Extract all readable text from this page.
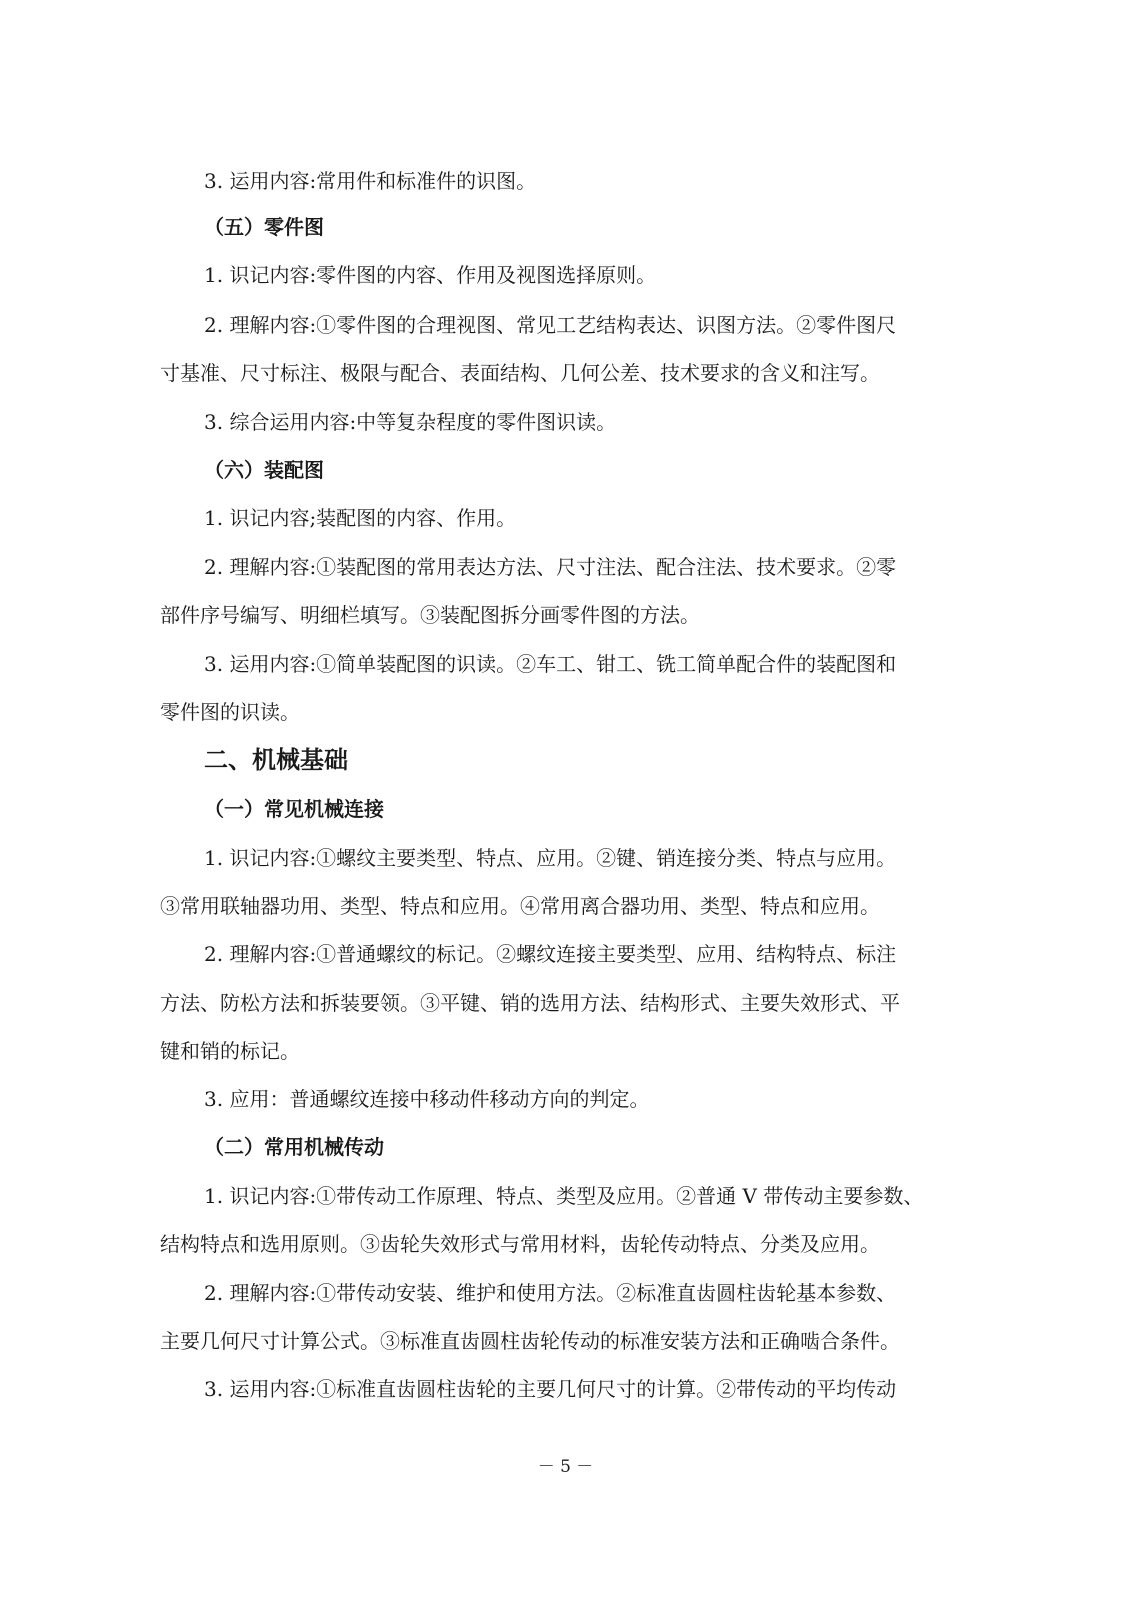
3. 运用内容:常用件和标准件的识图。
（五）零件图
1. 识记内容:零件图的内容、作用及视图选择原则。
2. 理解内容:①零件图的合理视图、常见工艺结构表达、识图方法。②零件图尺
寸基准、尺寸标注、极限与配合、表面结构、几何公差、技术要求的含义和注写。
3. 综合运用内容:中等复杂程度的零件图识读。
（六）装配图
1. 识记内容;装配图的内容、作用。
2. 理解内容:①装配图的常用表达方法、尺寸注法、配合注法、技术要求。②零
部件序号编写、明细栏填写。③装配图拆分画零件图的方法。
3. 运用内容:①简单装配图的识读。②车工、钳工、铣工简单配合件的装配图和
零件图的识读。
二、机械基础
（一）常见机械连接
1. 识记内容:①螺纹主要类型、特点、应用。②键、销连接分类、特点与应用。
③常用联轴器功用、类型、特点和应用。④常用离合器功用、类型、特点和应用。
2. 理解内容:①普通螺纹的标记。②螺纹连接主要类型、应用、结构特点、标注
方法、防松方法和拆装要领。③平键、销的选用方法、结构形式、主要失效形式、平
键和销的标记。
3. 应用：普通螺纹连接中移动件移动方向的判定。
（二）常用机械传动
1. 识记内容:①带传动工作原理、特点、类型及应用。②普通 V 带传动主要参数、
结构特点和选用原则。③齿轮失效形式与常用材料，齿轮传动特点、分类及应用。
2. 理解内容:①带传动安装、维护和使用方法。②标准直齿圆柱齿轮基本参数、
主要几何尺寸计算公式。③标准直齿圆柱齿轮传动的标准安装方法和正确啮合条件。
3. 运用内容:①标准直齿圆柱齿轮的主要几何尺寸的计算。②带传动的平均传动
－ 5 －
